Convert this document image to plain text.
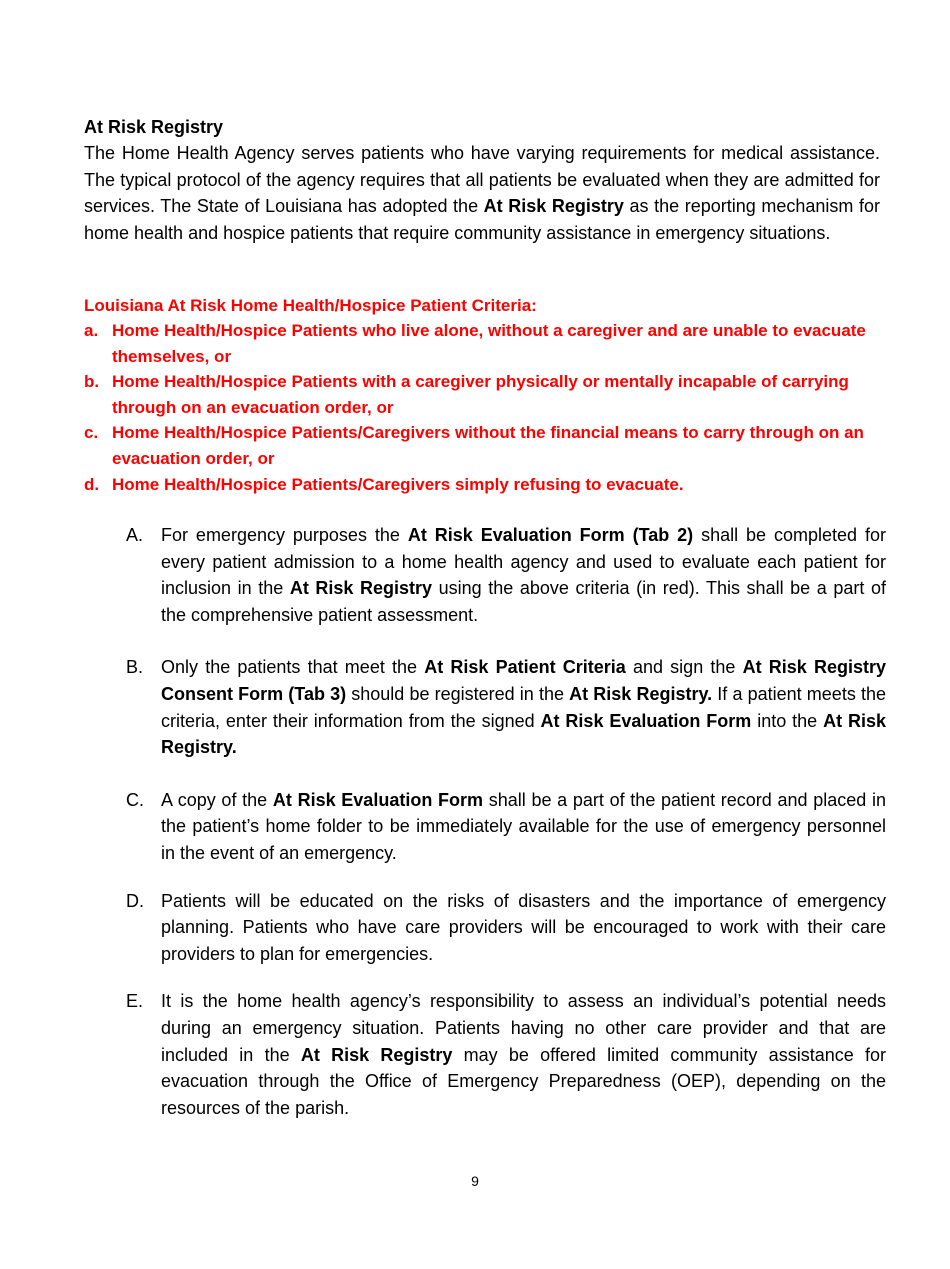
At Risk Registry

The Home Health Agency serves patients who have varying requirements for medical assistance. The typical protocol of the agency requires that all patients be evaluated when they are admitted for services. The State of Louisiana has adopted the At Risk Registry as the reporting mechanism for home health and hospice patients that require community assistance in emergency situations.

Louisiana At Risk Home Health/Hospice Patient Criteria:

a. Home Health/Hospice Patients who live alone, without a caregiver and are unable to evacuate themselves, or
b. Home Health/Hospice Patients with a caregiver physically or mentally incapable of carrying through on an evacuation order, or
c. Home Health/Hospice Patients/Caregivers without the financial means to carry through on an evacuation order, or
d. Home Health/Hospice Patients/Caregivers simply refusing to evacuate.
A. For emergency purposes the At Risk Evaluation Form (Tab 2) shall be completed for every patient admission to a home health agency and used to evaluate each patient for inclusion in the At Risk Registry using the above criteria (in red). This shall be a part of the comprehensive patient assessment.
B. Only the patients that meet the At Risk Patient Criteria and sign the At Risk Registry Consent Form (Tab 3) should be registered in the At Risk Registry. If a patient meets the criteria, enter their information from the signed At Risk Evaluation Form into the At Risk Registry.
C. A copy of the At Risk Evaluation Form shall be a part of the patient record and placed in the patient’s home folder to be immediately available for the use of emergency personnel in the event of an emergency.
D. Patients will be educated on the risks of disasters and the importance of emergency planning. Patients who have care providers will be encouraged to work with their care providers to plan for emergencies.
E. It is the home health agency’s responsibility to assess an individual’s potential needs during an emergency situation. Patients having no other care provider and that are included in the At Risk Registry may be offered limited community assistance for evacuation through the Office of Emergency Preparedness (OEP), depending on the resources of the parish.
9
